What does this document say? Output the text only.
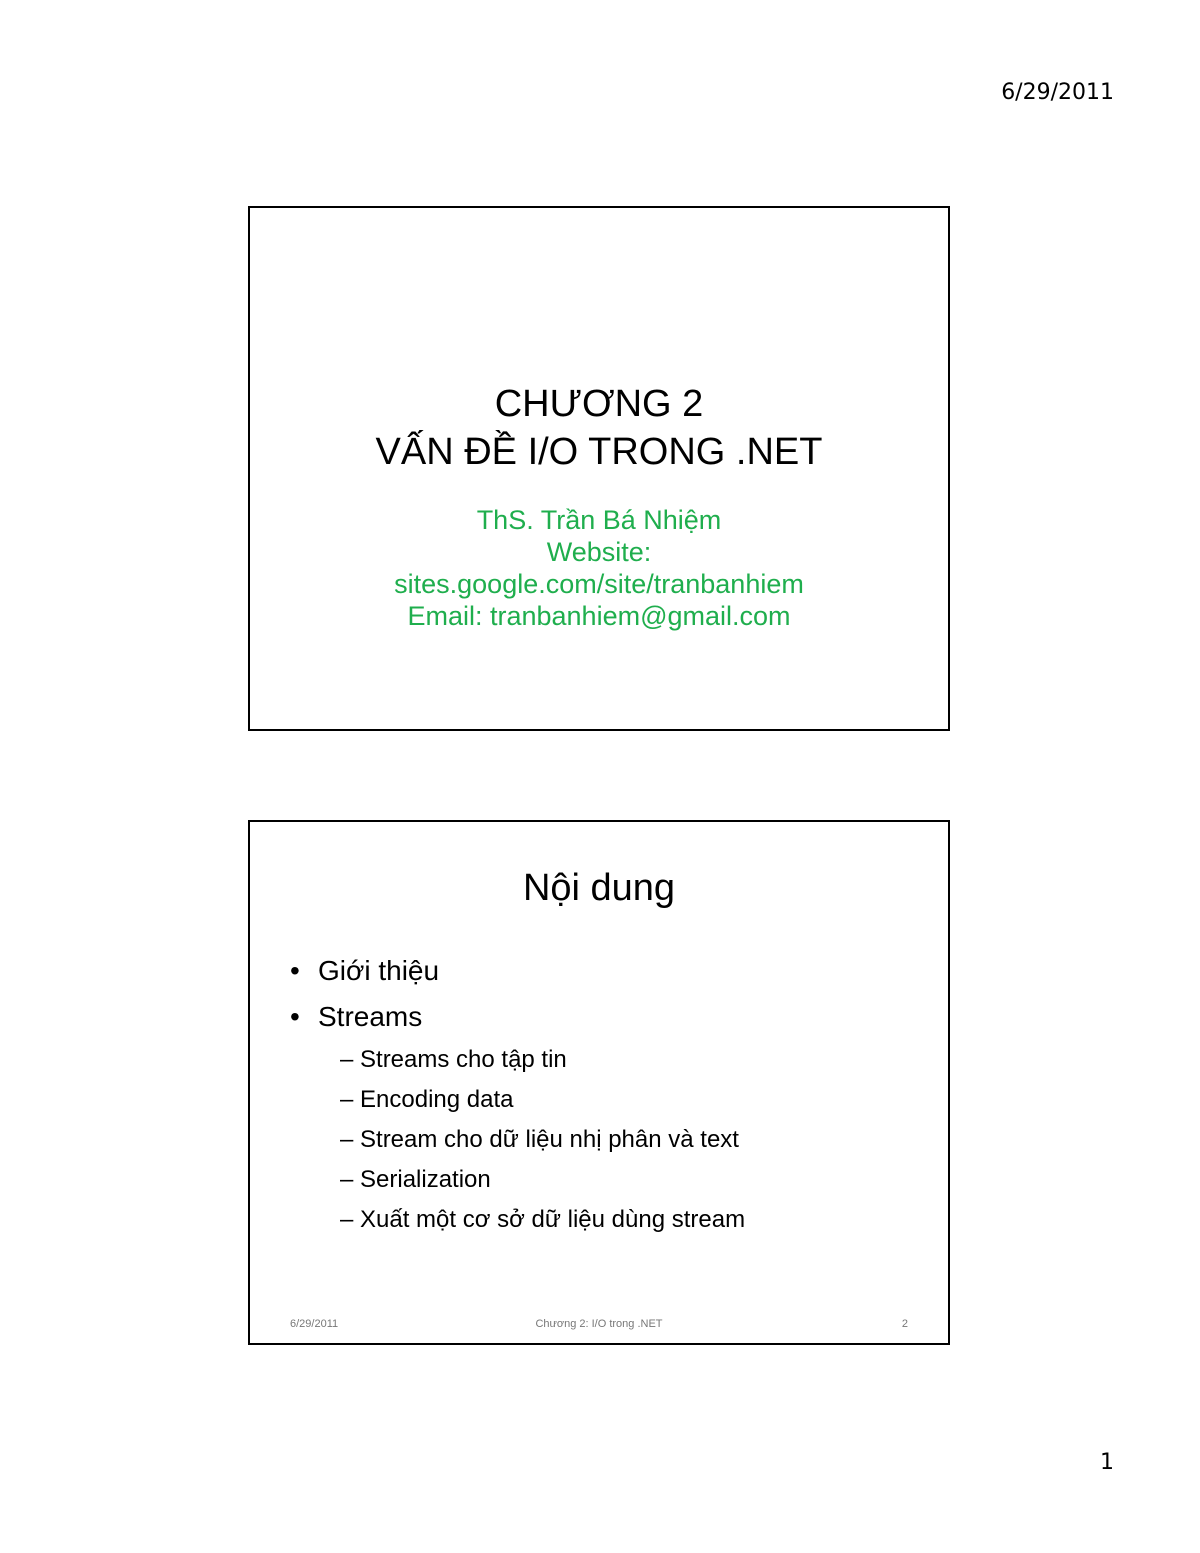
6/29/2011
CHƯƠNG 2
VẤN ĐỀ I/O TRONG .NET
ThS. Trần Bá Nhiệm
Website:
sites.google.com/site/tranbanhiem
Email: tranbanhiem@gmail.com
Nội dung
• Giới thiệu
• Streams
– Streams cho tập tin
– Encoding data
– Stream cho dữ liệu nhị phân và text
– Serialization
– Xuất một cơ sở dữ liệu dùng stream
6/29/2011	Chương 2: I/O trong .NET	2
1
